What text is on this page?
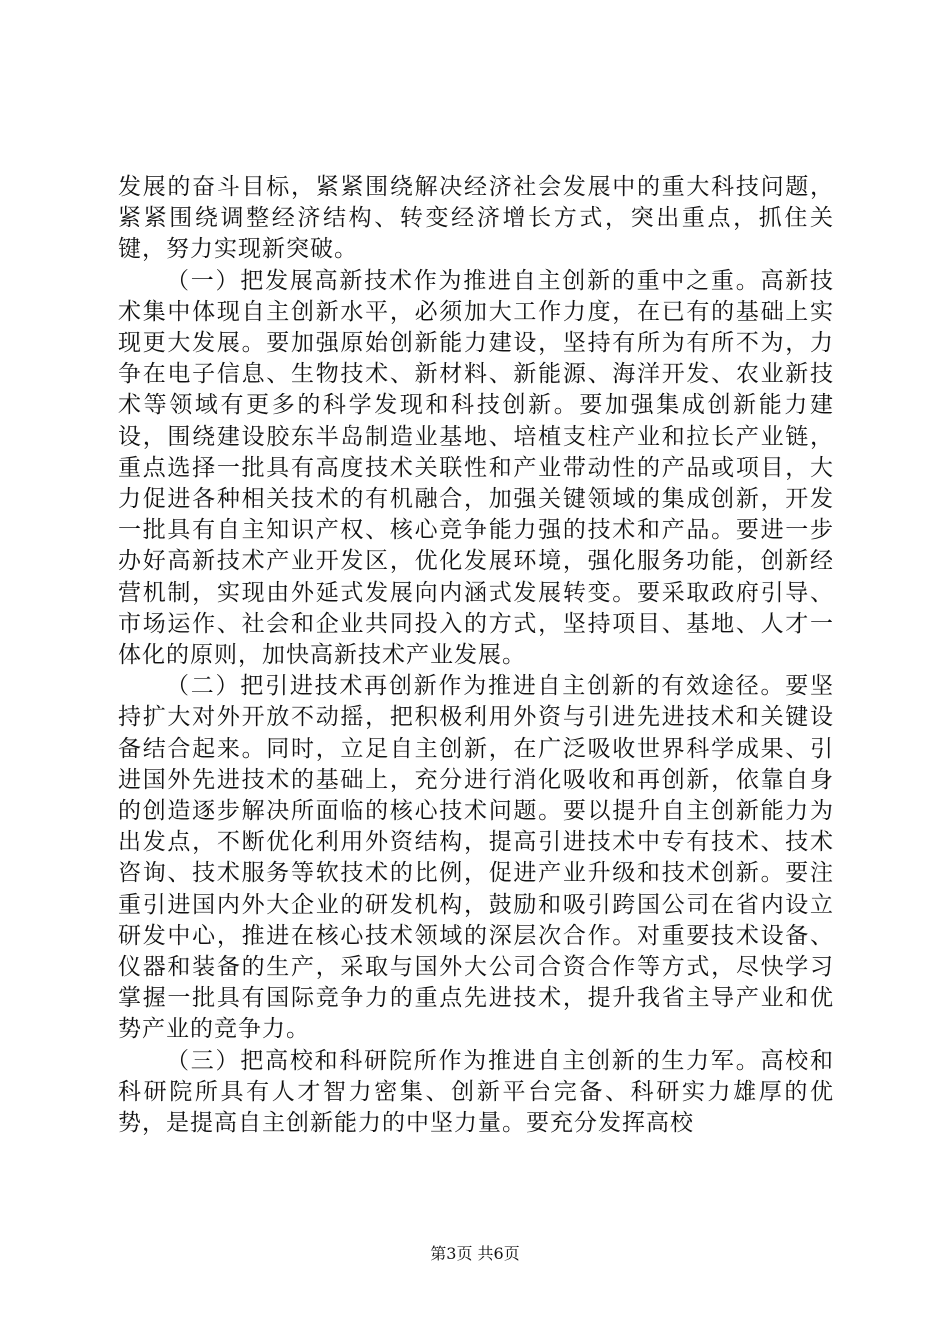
发展的奋斗目标，紧紧围绕解决经济社会发展中的重大科技问题，紧紧围绕调整经济结构、转变经济增长方式，突出重点，抓住关键，努力实现新突破。

（一）把发展高新技术作为推进自主创新的重中之重。高新技术集中体现自主创新水平，必须加大工作力度，在已有的基础上实现更大发展。要加强原始创新能力建设，坚持有所为有所不为，力争在电子信息、生物技术、新材料、新能源、海洋开发、农业新技术等领域有更多的科学发现和科技创新。要加强集成创新能力建设，围绕建设胶东半岛制造业基地、培植支柱产业和拉长产业链，重点选择一批具有高度技术关联性和产业带动性的产品或项目，大力促进各种相关技术的有机融合，加强关键领域的集成创新，开发一批具有自主知识产权、核心竞争能力强的技术和产品。要进一步办好高新技术产业开发区，优化发展环境，强化服务功能，创新经营机制，实现由外延式发展向内涵式发展转变。要采取政府引导、市场运作、社会和企业共同投入的方式，坚持项目、基地、人才一体化的原则，加快高新技术产业发展。

（二）把引进技术再创新作为推进自主创新的有效途径。要坚持扩大对外开放不动摇，把积极利用外资与引进先进技术和关键设备结合起来。同时，立足自主创新，在广泛吸收世界科学成果、引进国外先进技术的基础上，充分进行消化吸收和再创新，依靠自身的创造逐步解决所面临的核心技术问题。要以提升自主创新能力为出发点，不断优化利用外资结构，提高引进技术中专有技术、技术咨询、技术服务等软技术的比例，促进产业升级和技术创新。要注重引进国内外大企业的研发机构，鼓励和吸引跨国公司在省内设立研发中心，推进在核心技术领域的深层次合作。对重要技术设备、仪器和装备的生产，采取与国外大公司合资合作等方式，尽快学习掌握一批具有国际竞争力的重点先进技术，提升我省主导产业和优势产业的竞争力。

（三）把高校和科研院所作为推进自主创新的生力军。高校和科研院所具有人才智力密集、创新平台完备、科研实力雄厚的优势，是提高自主创新能力的中坚力量。要充分发挥高校

第3页 共6页
